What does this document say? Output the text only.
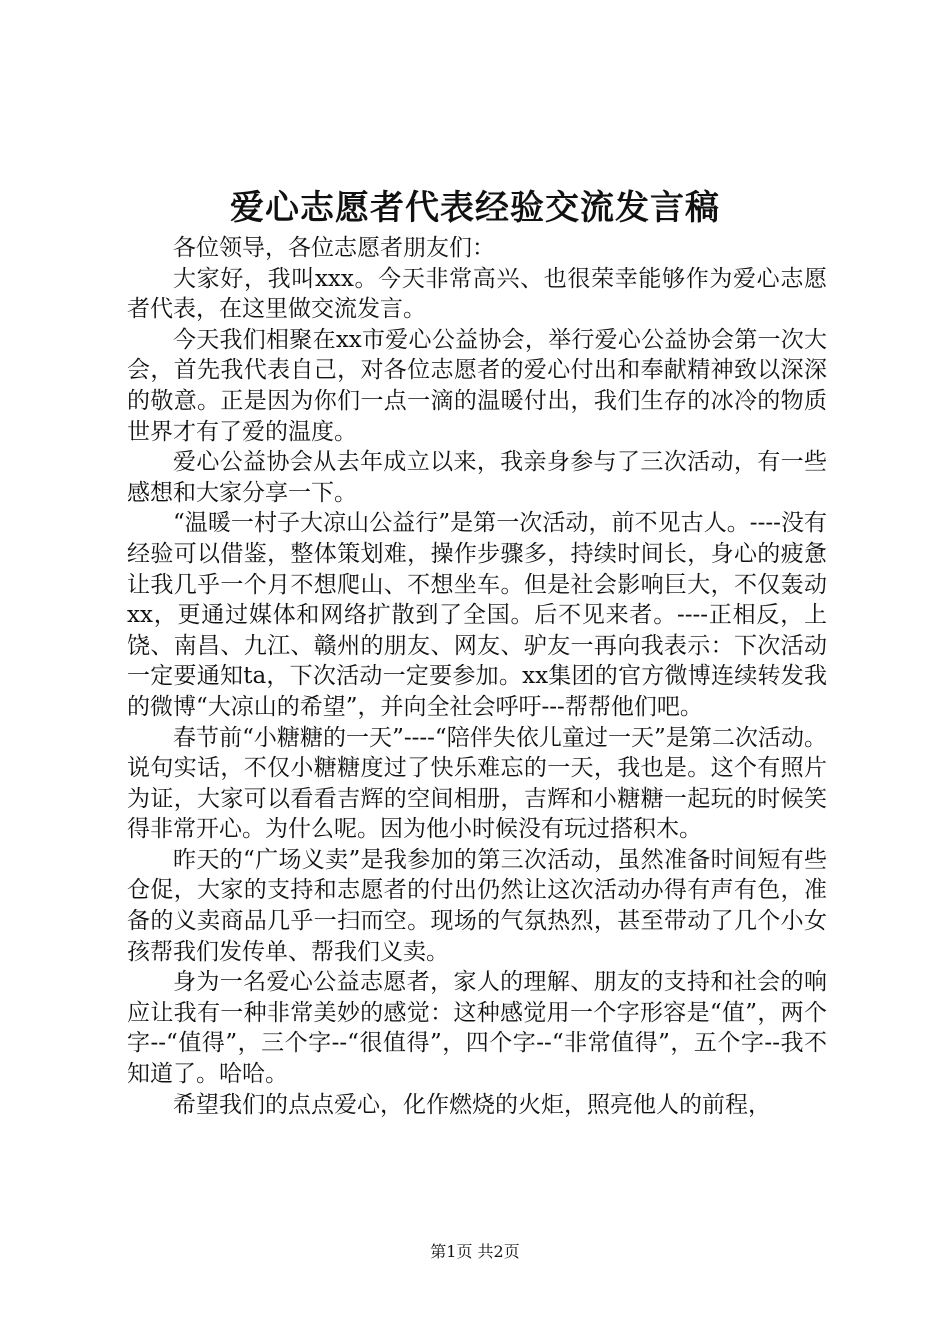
爱心志愿者代表经验交流发言稿

各位领导，各位志愿者朋友们：

大家好，我叫xxx。今天非常高兴、也很荣幸能够作为爱心志愿者代表，在这里做交流发言。

今天我们相聚在xx市爱心公益协会，举行爱心公益协会第一次大会，首先我代表自己，对各位志愿者的爱心付出和奉献精神致以深深的敬意。正是因为你们一点一滴的温暖付出，我们生存的冰冷的物质世界才有了爱的温度。

爱心公益协会从去年成立以来，我亲身参与了三次活动，有一些感想和大家分享一下。

“温暖一村子大凉山公益行”是第一次活动，前不见古人。----没有经验可以借鉴，整体策划难，操作步骤多，持续时间长，身心的疲惫让我几乎一个月不想爬山、不想坐车。但是社会影响巨大，不仅轰动xx，更通过媒体和网络扩散到了全国。后不见来者。----正相反，上饶、南昌、九江、赣州的朋友、网友、驴友一再向我表示：下次活动一定要通知ta，下次活动一定要参加。xx集团的官方微博连续转发我的微博“大凉山的希望”，并向全社会呼吁---帮帮他们吧。

春节前“小糖糖的一天”----“陪伴失依儿童过一天”是第二次活动。说句实话，不仅小糖糖度过了快乐难忘的一天，我也是。这个有照片为证，大家可以看看吉辉的空间相册，吉辉和小糖糖一起玩的时候笑得非常开心。为什么呢。因为他小时候没有玩过搭积木。

昨天的“广场义卖”是我参加的第三次活动，虽然准备时间短有些仓促，大家的支持和志愿者的付出仍然让这次活动办得有声有色，准备的义卖商品几乎一扫而空。现场的气氛热烈，甚至带动了几个小女孩帮我们发传单、帮我们义卖。

身为一名爱心公益志愿者，家人的理解、朋友的支持和社会的响应让我有一种非常美妙的感觉：这种感觉用一个字形容是“值”，两个字--“值得”，三个字--“很值得”，四个字--“非常值得”，五个字--我不知道了。哈哈。

希望我们的点点爱心，化作燃烧的火炬，照亮他人的前程，

第1页 共2页
